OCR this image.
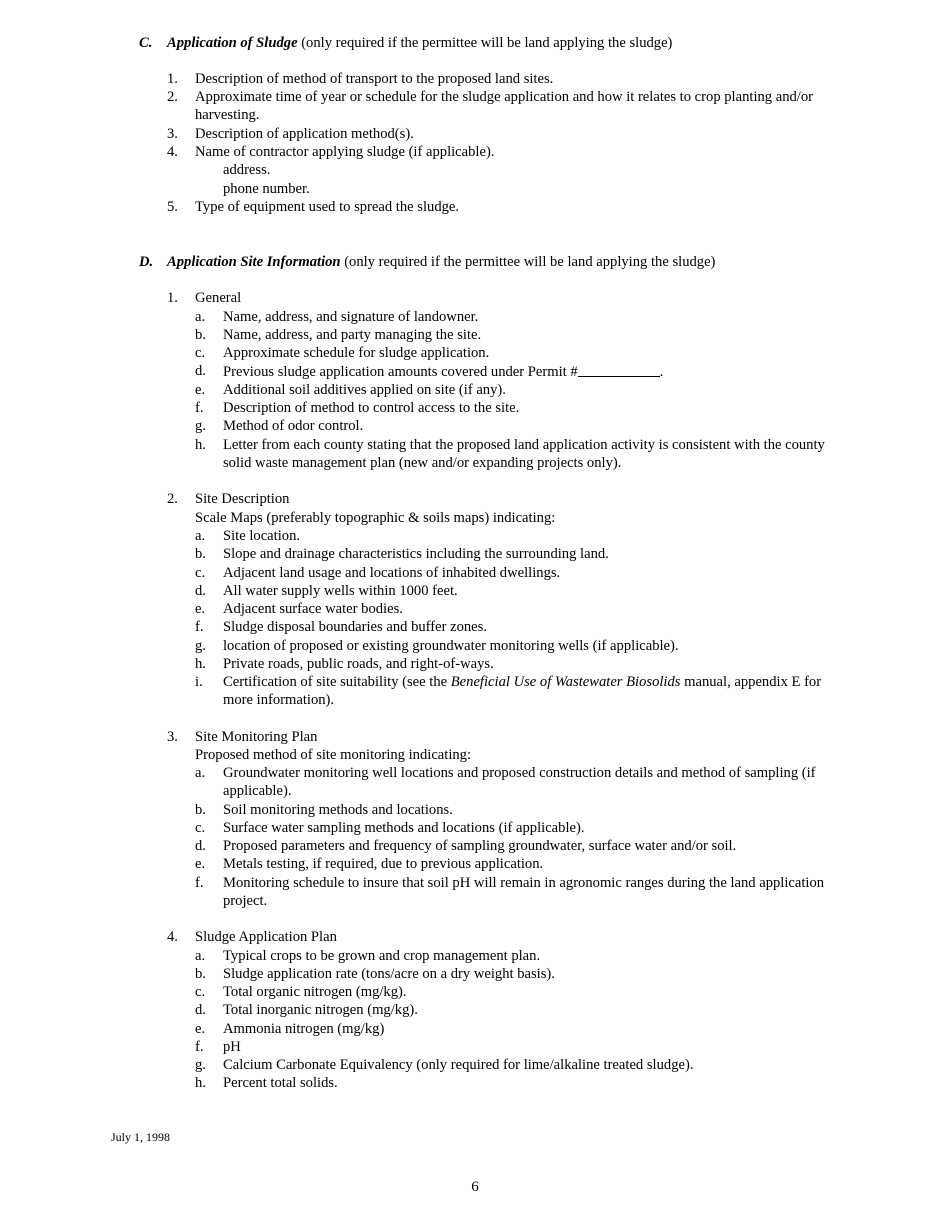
C. Application of Sludge (only required if the permittee will be land applying the sludge)
1. Description of method of transport to the proposed land sites.
2. Approximate time of year or schedule for the sludge application and how it relates to crop planting and/or harvesting.
3. Description of application method(s).
4. Name of contractor applying sludge (if applicable).
address.
phone number.
5. Type of equipment used to spread the sludge.
D. Application Site Information (only required if the permittee will be land applying the sludge)
1. General
a. Name, address, and signature of landowner.
b. Name, address, and party managing the site.
c. Approximate schedule for sludge application.
d. Previous sludge application amounts covered under Permit #	.
e. Additional soil additives applied on site (if any).
f. Description of method to control access to the site.
g. Method of odor control.
h. Letter from each county stating that the proposed land application activity is consistent with the county solid waste management plan (new and/or expanding projects only).
2. Site Description
Scale Maps (preferably topographic & soils maps) indicating:
a. Site location.
b. Slope and drainage characteristics including the surrounding land.
c. Adjacent land usage and locations of inhabited dwellings.
d. All water supply wells within 1000 feet.
e. Adjacent surface water bodies.
f. Sludge disposal boundaries and buffer zones.
g. location of proposed or existing groundwater monitoring wells (if applicable).
h. Private roads, public roads, and right-of-ways.
i. Certification of site suitability (see the Beneficial Use of Wastewater Biosolids manual, appendix E for more information).
3. Site Monitoring Plan
Proposed method of site monitoring indicating:
a. Groundwater monitoring well locations and proposed construction details and method of sampling (if applicable).
b. Soil monitoring methods and locations.
c. Surface water sampling methods and locations (if applicable).
d. Proposed parameters and frequency of sampling groundwater, surface water and/or soil.
e. Metals testing, if required, due to previous application.
f. Monitoring schedule to insure that soil pH will remain in agronomic ranges during the land application project.
4. Sludge Application Plan
a. Typical crops to be grown and crop management plan.
b. Sludge application rate (tons/acre on a dry weight basis).
c. Total organic nitrogen (mg/kg).
d. Total inorganic nitrogen (mg/kg).
e. Ammonia nitrogen (mg/kg)
f. pH
g. Calcium Carbonate Equivalency (only required for lime/alkaline treated sludge).
h. Percent total solids.
July 1, 1998
6
